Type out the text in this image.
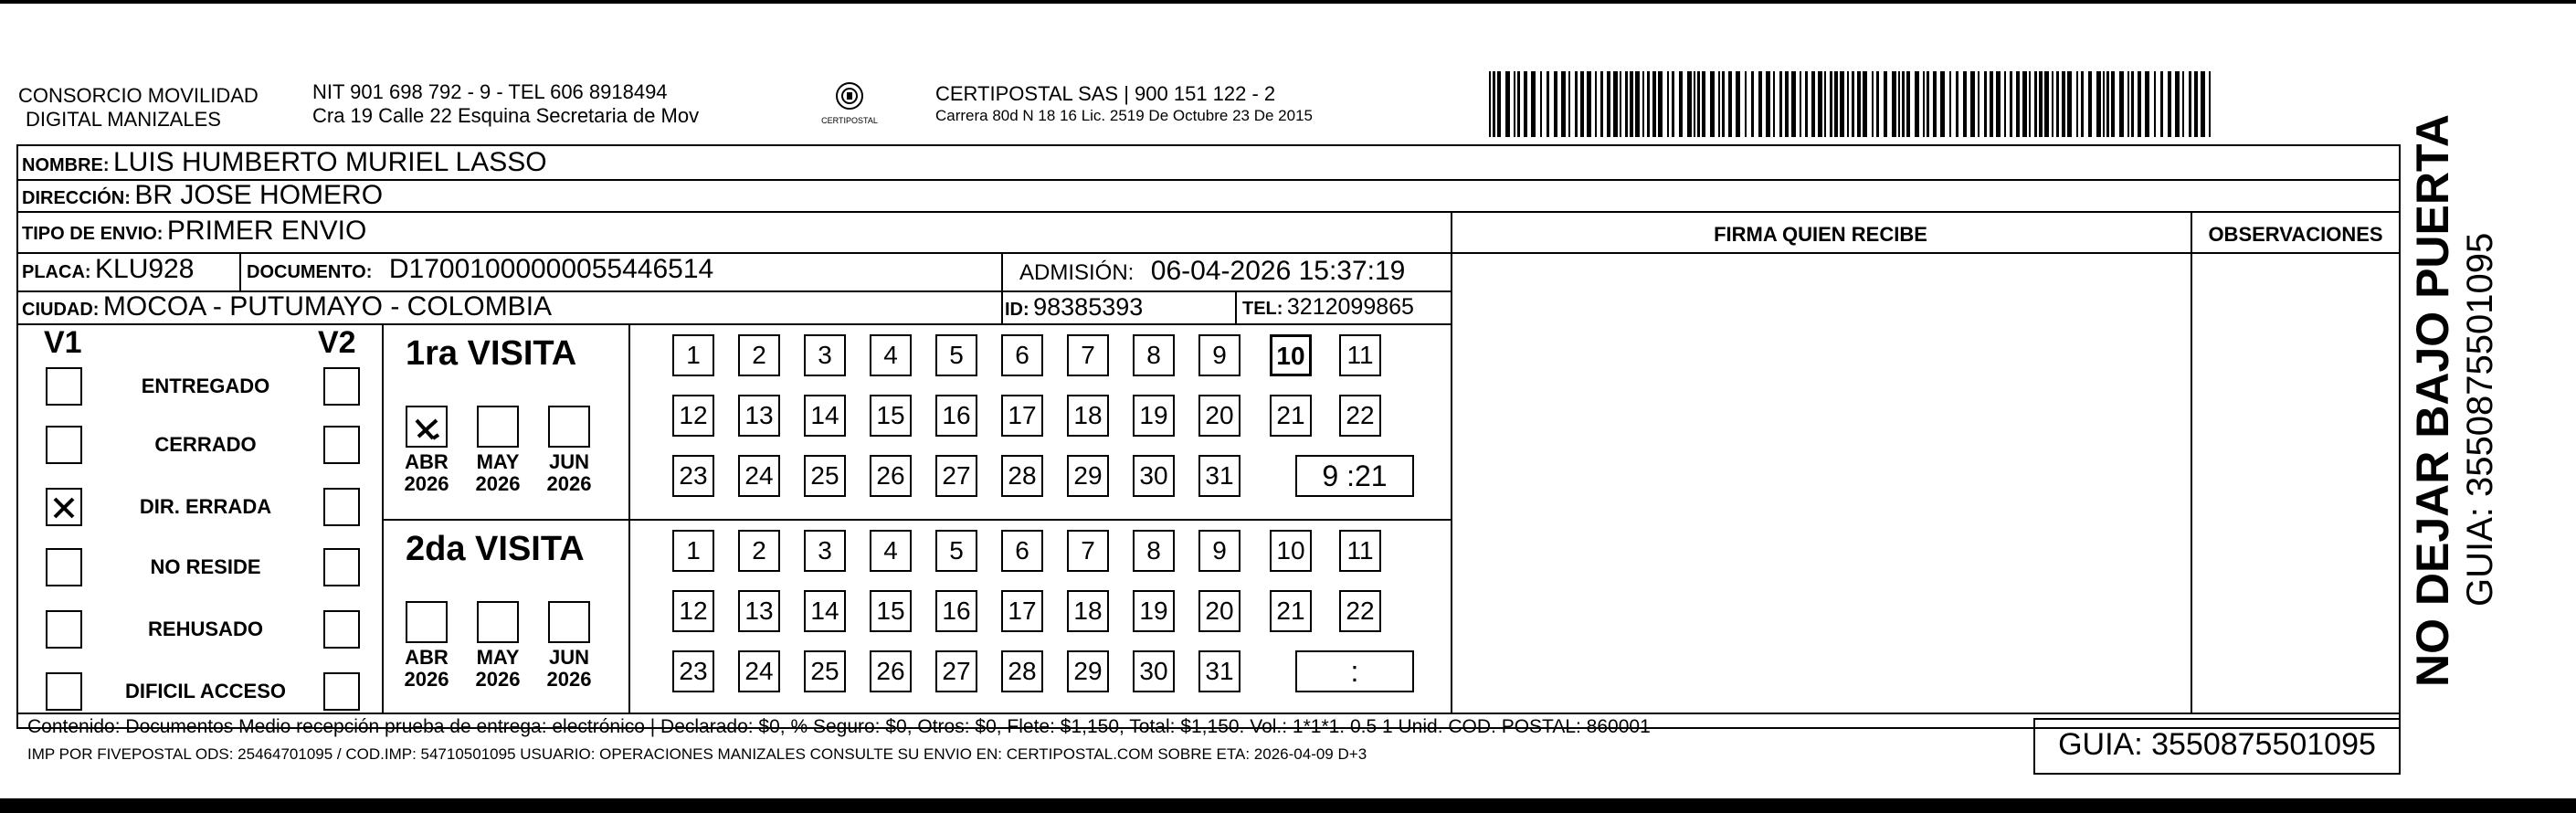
CONSORCIO MOVILIDAD
DIGITAL MANIZALES
NIT 901 698 792 - 9 - TEL 606 8918494
Cra 19 Calle 22 Esquina Secretaria de Mov	CERTIPOSTAL
CERTIPOSTAL SAS | 900 151 122 - 2
Carrera 80d N 18 16 Lic. 2519 De Octubre 23 De 2015
NOMBRE: LUIS HUMBERTO MURIEL LASSO
DIRECCIÓN: BR JOSE HOMERO
TIPO DE ENVIO: PRIMER ENVIO	FIRMA QUIEN RECIBE	OBSERVACIONES
PLACA: KLU928	DOCUMENTO: D17001000000055446514	ADMISIÓN: 06-04-2026 15:37:19
CIUDAD: MOCOA - PUTUMAYO - COLOMBIA	ID: 98385393	TEL: 3212099865
V1	V2
ENTREGADO
CERRADO
DIR. ERRADA
NO RESIDE
REHUSADO
DIFICIL ACCESO
1ra VISITA
ABR
2026
MAY
2026
JUN
2026
1	2	3	4	5	6	7	8	9	10	11
12 13 14 15 16 17 18 19 20 21 22
23 24 25 26 27 28 29 30 31	9 :21
2da VISITA
ABR
2026
MAY
2026
JUN
2026
1	2	3	4	5	6	7	8	9	10	11
12 13 14 15 16 17 18 19 20 21 22
23 24 25 26 27 28 29 30 31	:
Contenido: Documentos Medio recepción prueba de entrega: electrónico | Declarado: $0, % Seguro: $0, Otros: $0, Flete: $1,150, Total: $1,150. Vol.: 1*1*1. 0.5 1 Unid. COD. POSTAL: 860001
IMP POR FIVEPOSTAL ODS: 25464701095 / COD.IMP: 54710501095 USUARIO: OPERACIONES MANIZALES CONSULTE SU ENVIO EN: CERTIPOSTAL.COM SOBRE ETA: 2026-04-09 D+3	GUIA: 3550875501095
NO DEJAR BAJO PUERTA GUIA: 3550875501095
